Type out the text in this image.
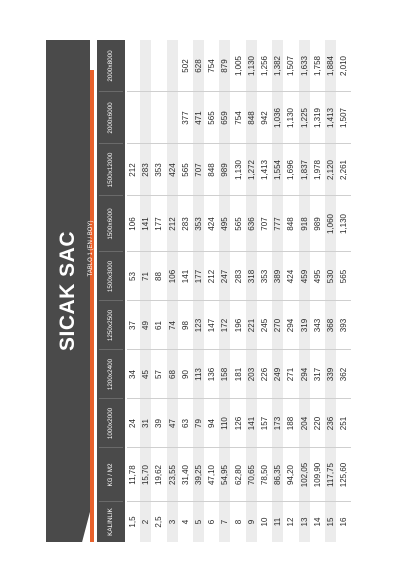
SICAK SAC	TABLO 1 (EN / BOY)
KALINLIK
KG / M2
1000x2000
1200x2400
1250x2500
1500x3000
1500x6000
1500x12000
2000x6000
2000x8000
1,5
11,78
24
34
37
53
106
212
2
15,70
31
45
49
71
141
283
2,5
19,62
39
57
61
88
177
353
3
23,55
47
68
74
106
212
424
4
31,40
63
90
98
141
283
565
377
502
5
39,25
79
113
123
177
353
707
471
628
6
47,10
94
136
147
212
424
848
565
754
7
54,95
110
158
172
247
495
989
659
879
8
62,80
126
181
196
283
565
1,130
754
1,005
9
70,65
141
203
221
318
636
1,272
848
1,130
10
78,50
157
226
245
353
707
1,413
942
1,256
11
86,35
173
249
270
389
777
1,554
1,036
1,382
12
94,20
188
271
294
424
848
1,696
1,130
1,507
13
102,05
204
294
319
459
918
1,837
1,225
1,633
14
109,90
220
317
343
495
989
1,978
1,319
1,758
15
117,75
236
339
368
530
1,060
2,120
1,413
1,884
16
125,60
251
362
393
565
1,130
2,261
1,507
2,010
